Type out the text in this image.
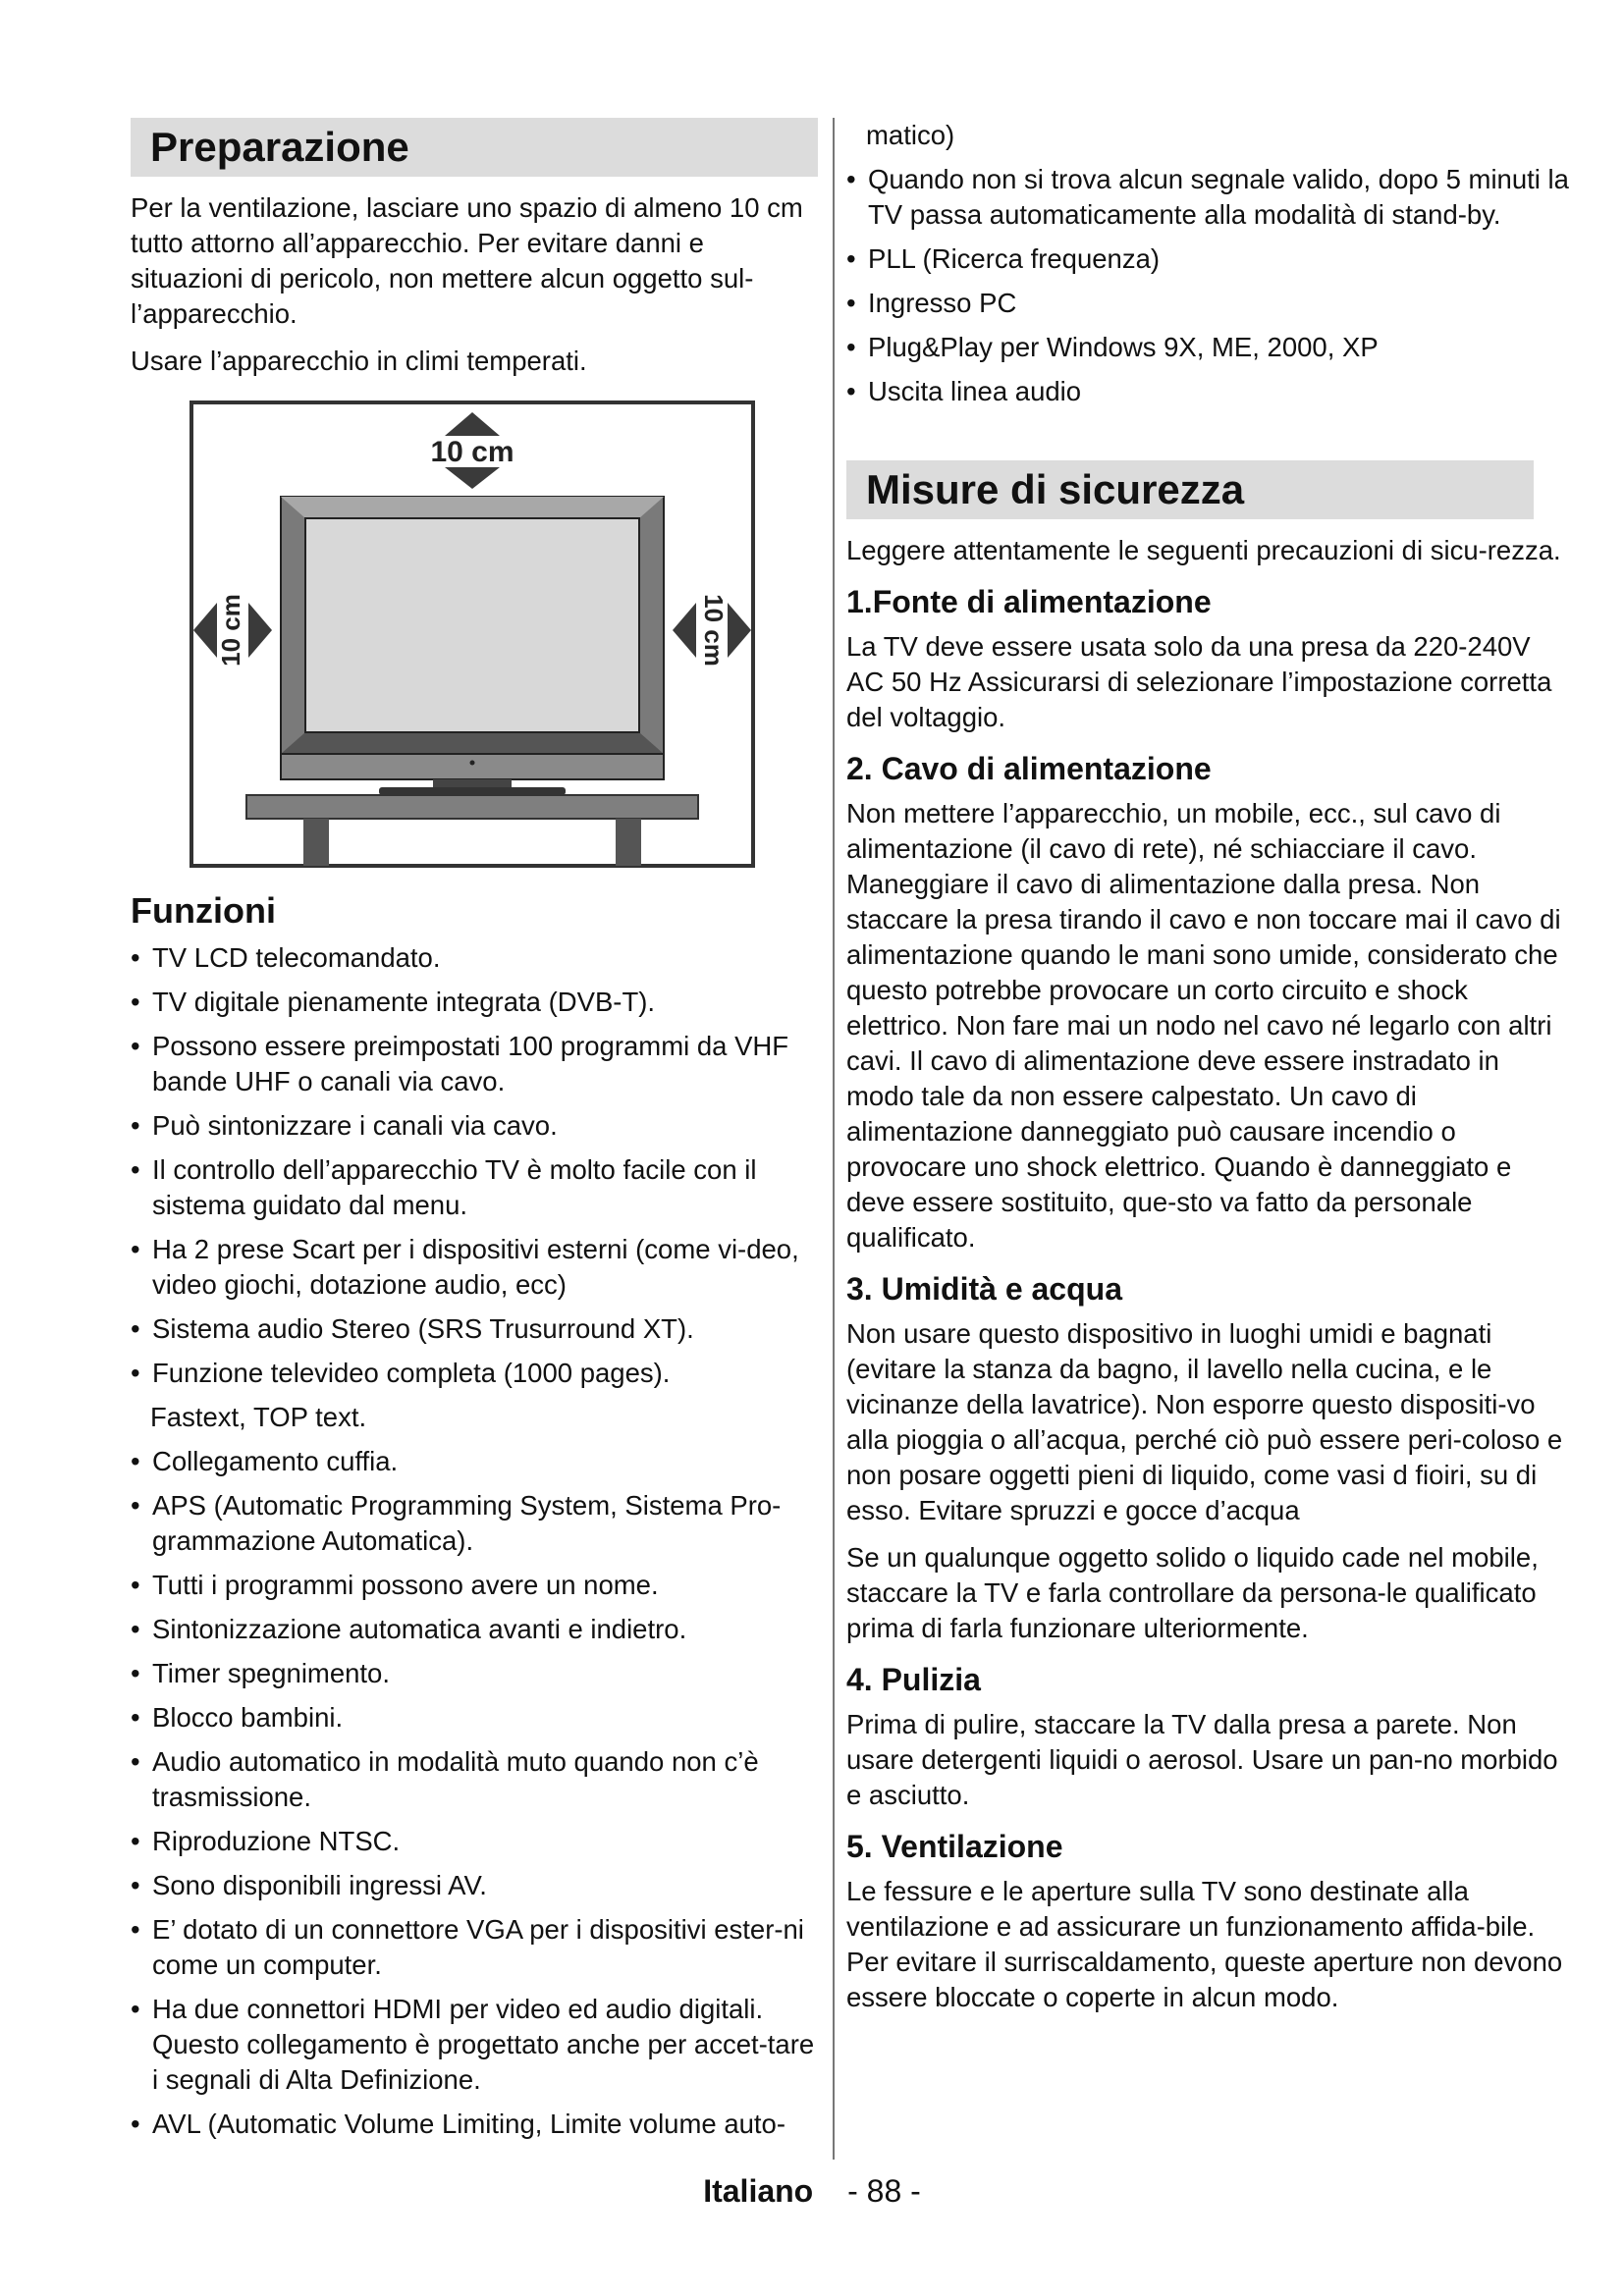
Preparazione

Per la ventilazione, lasciare uno spazio di almeno 10 cm tutto attorno all’apparecchio. Per evitare danni e situazioni di pericolo, non mettere alcun oggetto sul-l’apparecchio.

Usare l’apparecchio in climi temperati.

10 cm
10 cm	10 cm
Funzioni
• TV LCD telecomandato.
• TV digitale pienamente integrata (DVB-T).
• Possono essere preimpostati 100 programmi da VHF bande UHF o canali via cavo.
• Può sintonizzare i canali via cavo.
• Il controllo dell’apparecchio TV è molto facile con il sistema guidato dal menu.
• Ha 2 prese Scart per i dispositivi esterni (come vi-deo, video giochi, dotazione audio, ecc)
• Sistema audio Stereo (SRS Trusurround XT).
• Funzione televideo completa (1000 pages).
Fastext, TOP text.
• Collegamento cuffia.
• APS (Automatic Programming System, Sistema Pro-grammazione Automatica).
• Tutti i programmi possono avere un nome.
• Sintonizzazione automatica avanti e indietro.
• Timer spegnimento.
• Blocco bambini.
• Audio automatico in modalità muto quando non c’è trasmissione.
• Riproduzione NTSC.
• Sono disponibili ingressi AV.
• E’ dotato di un connettore VGA per i dispositivi ester-ni come un computer.
• Ha due connettori HDMI per video ed audio digitali. Questo collegamento è progettato anche per accet-tare i segnali di Alta Definizione.
• AVL (Automatic Volume Limiting, Limite volume auto-
matico)
• Quando non si trova alcun segnale valido, dopo 5 minuti la TV passa automaticamente alla modalità di stand-by.
• PLL (Ricerca frequenza)
• Ingresso PC
• Plug&Play per Windows 9X, ME, 2000, XP
• Uscita linea audio
Misure di sicurezza

Leggere attentamente le seguenti precauzioni di sicu-rezza.

1.Fonte di alimentazione

La TV deve essere usata solo da una presa da 220-240V AC 50 Hz Assicurarsi di selezionare l’impostazione corretta del voltaggio.

2. Cavo di alimentazione

Non mettere l’apparecchio, un mobile, ecc., sul cavo di alimentazione (il cavo di rete), né schiacciare il cavo. Maneggiare il cavo di alimentazione dalla presa. Non staccare la presa tirando il cavo e non toccare mai il cavo di alimentazione quando le mani sono umide, considerato che questo potrebbe provocare un corto circuito e shock elettrico. Non fare mai un nodo nel cavo né legarlo con altri cavi. Il cavo di alimentazione deve essere instradato in modo tale da non essere calpestato. Un cavo di alimentazione danneggiato può causare incendio o provocare uno shock elettrico. Quando è danneggiato e deve essere sostituito, que-sto va fatto da personale qualificato.

3. Umidità e acqua

Non usare questo dispositivo in luoghi umidi e bagnati (evitare la stanza da bagno, il lavello nella cucina, e le vicinanze della lavatrice). Non esporre questo dispositi-vo alla pioggia o all’acqua, perché ciò può essere peri-coloso e non posare oggetti pieni di liquido, come vasi d fioiri, su di esso. Evitare spruzzi e gocce d’acqua

Se un qualunque oggetto solido o liquido cade nel mobile, staccare la TV e farla controllare da persona-le qualificato prima di farla funzionare ulteriormente.

4. Pulizia

Prima di pulire, staccare la TV dalla presa a parete. Non usare detergenti liquidi o aerosol. Usare un pan-no morbido e asciutto.

5. Ventilazione

Le fessure e le aperture sulla TV sono destinate alla ventilazione e ad assicurare un funzionamento affida-bile. Per evitare il surriscaldamento, queste aperture non devono essere bloccate o coperte in alcun modo.

Italiano - 88 -
